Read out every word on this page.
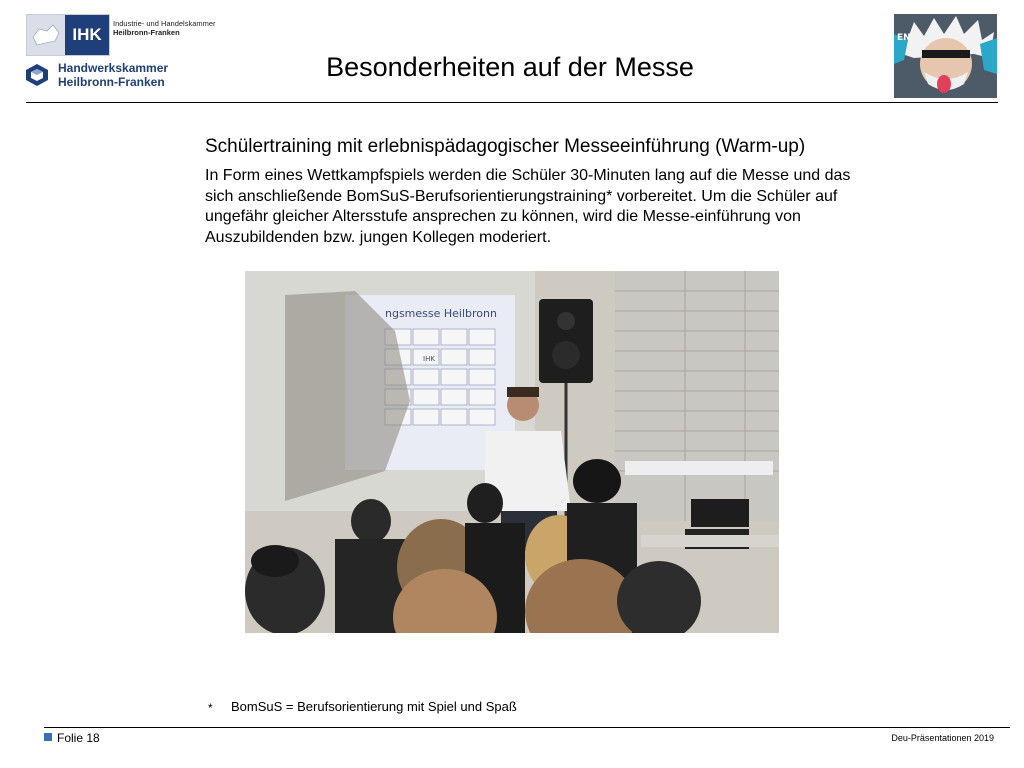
IHK
Industrie- und Handelskammer
Heilbronn-Franken
Handwerkskammer
Heilbronn-Franken	Besonderheiten auf der Messe
EN
Schülertraining mit erlebnispädagogischer Messeeinführung (Warm-up)
In Form eines Wettkampfspiels werden die Schüler 30-Minuten lang auf die Messe und das sich anschließende BomSuS-Berufsorientierungstraining* vorbereitet. Um die Schüler auf ungefähr gleicher Altersstufe ansprechen zu können, wird die Messe-einführung von Auszubildenden bzw. jungen Kollegen moderiert.
ngsmesse Heilbronn
IHK
* BomSuS = Berufsorientierung mit Spiel und Spaß
Folie 18	Deu-Präsentationen 2019
